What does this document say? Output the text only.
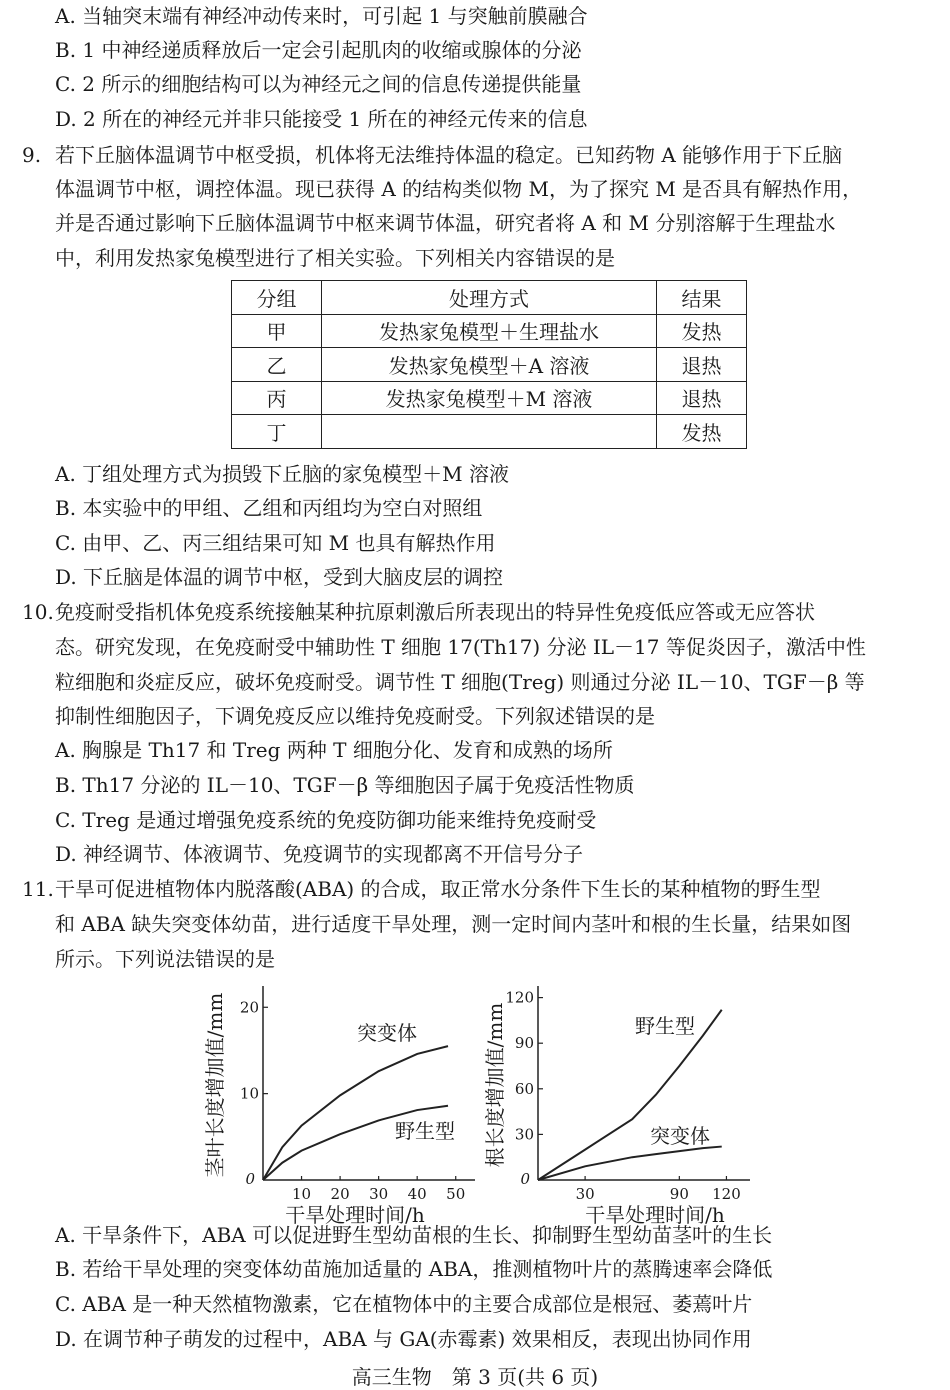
A. 当轴突末端有神经冲动传来时，可引起 1 与突触前膜融合
B. 1 中神经递质释放后一定会引起肌肉的收缩或腺体的分泌
C. 2 所示的细胞结构可以为神经元之间的信息传递提供能量
D. 2 所在的神经元并非只能接受 1 所在的神经元传来的信息
9. 若下丘脑体温调节中枢受损，机体将无法维持体温的稳定。已知药物 A 能够作用于下丘脑
体温调节中枢，调控体温。现已获得 A 的结构类似物 M，为了探究 M 是否具有解热作用，
并是否通过影响下丘脑体温调节中枢来调节体温，研究者将 A 和 M 分别溶解于生理盐水
中，利用发热家兔模型进行了相关实验。下列相关内容错误的是
分组	处理方式	结果
甲	发热家兔模型＋生理盐水	发热
乙	发热家兔模型＋A 溶液	退热
丙	发热家兔模型＋M 溶液	退热
丁		发热
A. 丁组处理方式为损毁下丘脑的家兔模型＋M 溶液
B. 本实验中的甲组、乙组和丙组均为空白对照组
C. 由甲、乙、丙三组结果可知 M 也具有解热作用
D. 下丘脑是体温的调节中枢，受到大脑皮层的调控
10. 免疫耐受指机体免疫系统接触某种抗原刺激后所表现出的特异性免疫低应答或无应答状
态。研究发现，在免疫耐受中辅助性 T 细胞 17(Th17) 分泌 IL－17 等促炎因子，激活中性
粒细胞和炎症反应，破坏免疫耐受。调节性 T 细胞(Treg) 则通过分泌 IL－10、TGF－β 等
抑制性细胞因子，下调免疫反应以维持免疫耐受。下列叙述错误的是
A. 胸腺是 Th17 和 Treg 两种 T 细胞分化、发育和成熟的场所
B. Th17 分泌的 IL－10、TGF－β 等细胞因子属于免疫活性物质
C. Treg 是通过增强免疫系统的免疫防御功能来维持免疫耐受
D. 神经调节、体液调节、免疫调节的实现都离不开信号分子
11. 干旱可促进植物体内脱落酸(ABA) 的合成，取正常水分条件下生长的某种植物的野生型
和 ABA 缺失突变体幼苗，进行适度干旱处理，测一定时间内茎叶和根的生长量，结果如图
所示。下列说法错误的是
0
10
20
10 20 30 40 50
茎叶长度增加值/mm
干旱处理时间/h
突变体
野生型
0
30
60
90
120
30	90 120
根长度增加值/mm
干旱处理时间/h
野生型
突变体
A. 干旱条件下，ABA 可以促进野生型幼苗根的生长、抑制野生型幼苗茎叶的生长
B. 若给干旱处理的突变体幼苗施加适量的 ABA，推测植物叶片的蒸腾速率会降低
C. ABA 是一种天然植物激素，它在植物体中的主要合成部位是根冠、萎蔫叶片
D. 在调节种子萌发的过程中，ABA 与 GA(赤霉素) 效果相反，表现出协同作用
高三生物　第 3 页(共 6 页)
